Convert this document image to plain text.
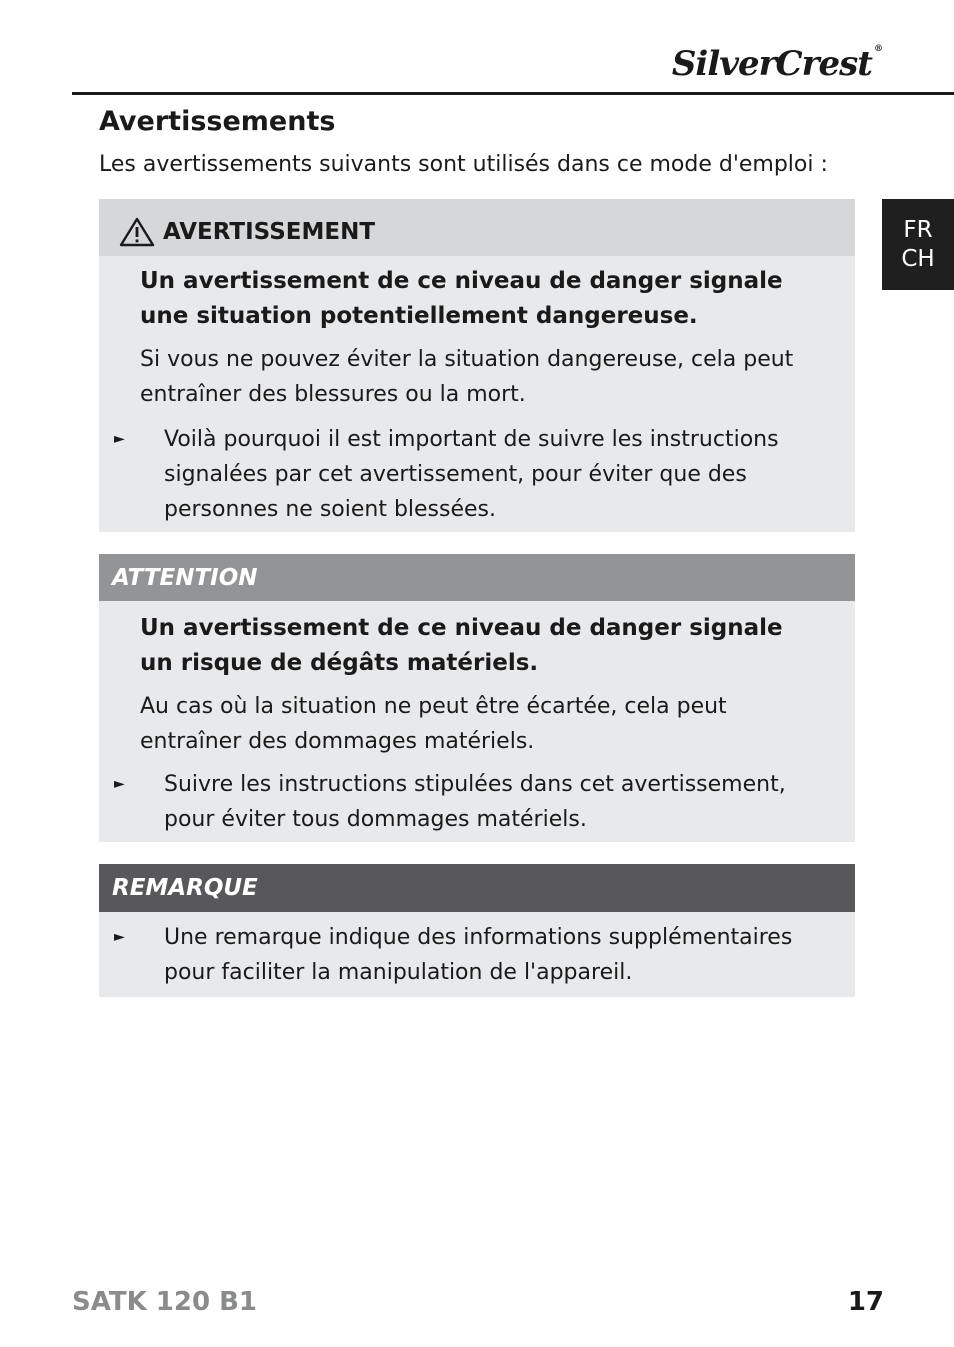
SilverCrest ®
FR
CH
Avertissements

Les avertissements suivants sont utilisés dans ce mode d'emploi :

AVERTISSEMENT

Un avertissement de ce niveau de danger signale une situation potentiellement dangereuse.

Si vous ne pouvez éviter la situation dangereuse, cela peut entraîner des blessures ou la mort.

► Voilà pourquoi il est important de suivre les instructions signalées par cet avertissement, pour éviter que des personnes ne soient blessées.

ATTENTION

Un avertissement de ce niveau de danger signale un risque de dégâts matériels.

Au cas où la situation ne peut être écartée, cela peut entraîner des dommages matériels.

► Suivre les instructions stipulées dans cet avertissement, pour éviter tous dommages matériels.

REMARQUE

► Une remarque indique des informations supplémentaires pour faciliter la manipulation de l'appareil.

SATK 120 B1	17
